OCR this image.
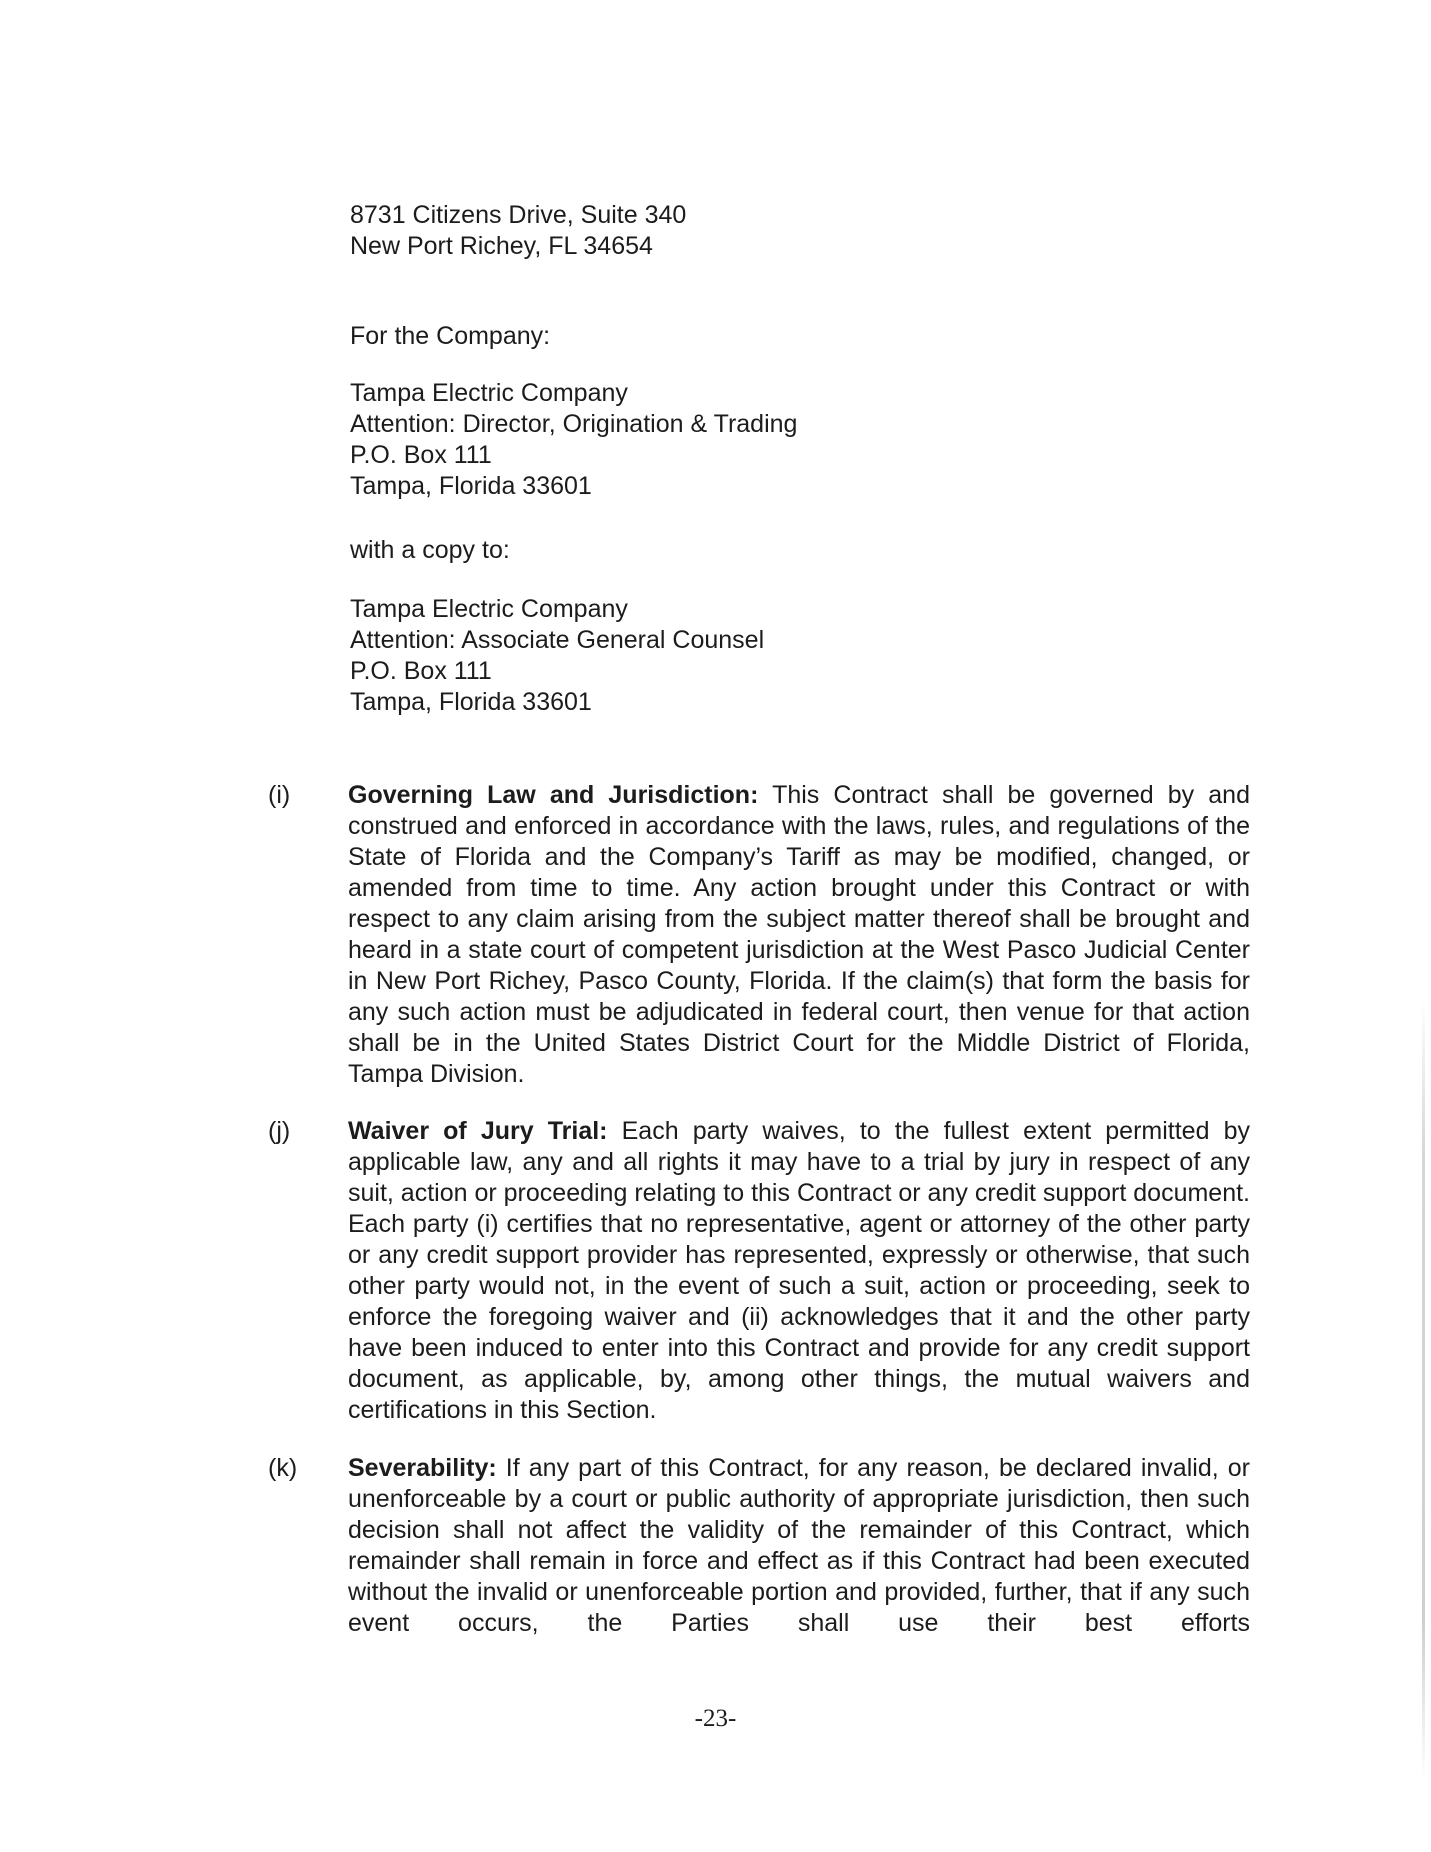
8731 Citizens Drive, Suite 340
New Port Richey, FL 34654
For the Company:
Tampa Electric Company
Attention: Director, Origination & Trading
P.O. Box 111
Tampa, Florida 33601
with a copy to:
Tampa Electric Company
Attention: Associate General Counsel
P.O. Box 111
Tampa, Florida 33601
(i) Governing Law and Jurisdiction: This Contract shall be governed by and construed and enforced in accordance with the laws, rules, and regulations of the State of Florida and the Company’s Tariff as may be modified, changed, or amended from time to time. Any action brought under this Contract or with respect to any claim arising from the subject matter thereof shall be brought and heard in a state court of competent jurisdiction at the West Pasco Judicial Center in New Port Richey, Pasco County, Florida. If the claim(s) that form the basis for any such action must be adjudicated in federal court, then venue for that action shall be in the United States District Court for the Middle District of Florida, Tampa Division.
(j) Waiver of Jury Trial: Each party waives, to the fullest extent permitted by applicable law, any and all rights it may have to a trial by jury in respect of any suit, action or proceeding relating to this Contract or any credit support document. Each party (i) certifies that no representative, agent or attorney of the other party or any credit support provider has represented, expressly or otherwise, that such other party would not, in the event of such a suit, action or proceeding, seek to enforce the foregoing waiver and (ii) acknowledges that it and the other party have been induced to enter into this Contract and provide for any credit support document, as applicable, by, among other things, the mutual waivers and certifications in this Section.
(k) Severability: If any part of this Contract, for any reason, be declared invalid, or unenforceable by a court or public authority of appropriate jurisdiction, then such decision shall not affect the validity of the remainder of this Contract, which remainder shall remain in force and effect as if this Contract had been executed without the invalid or unenforceable portion and provided, further, that if any such event occurs, the Parties shall use their best efforts
-23-
